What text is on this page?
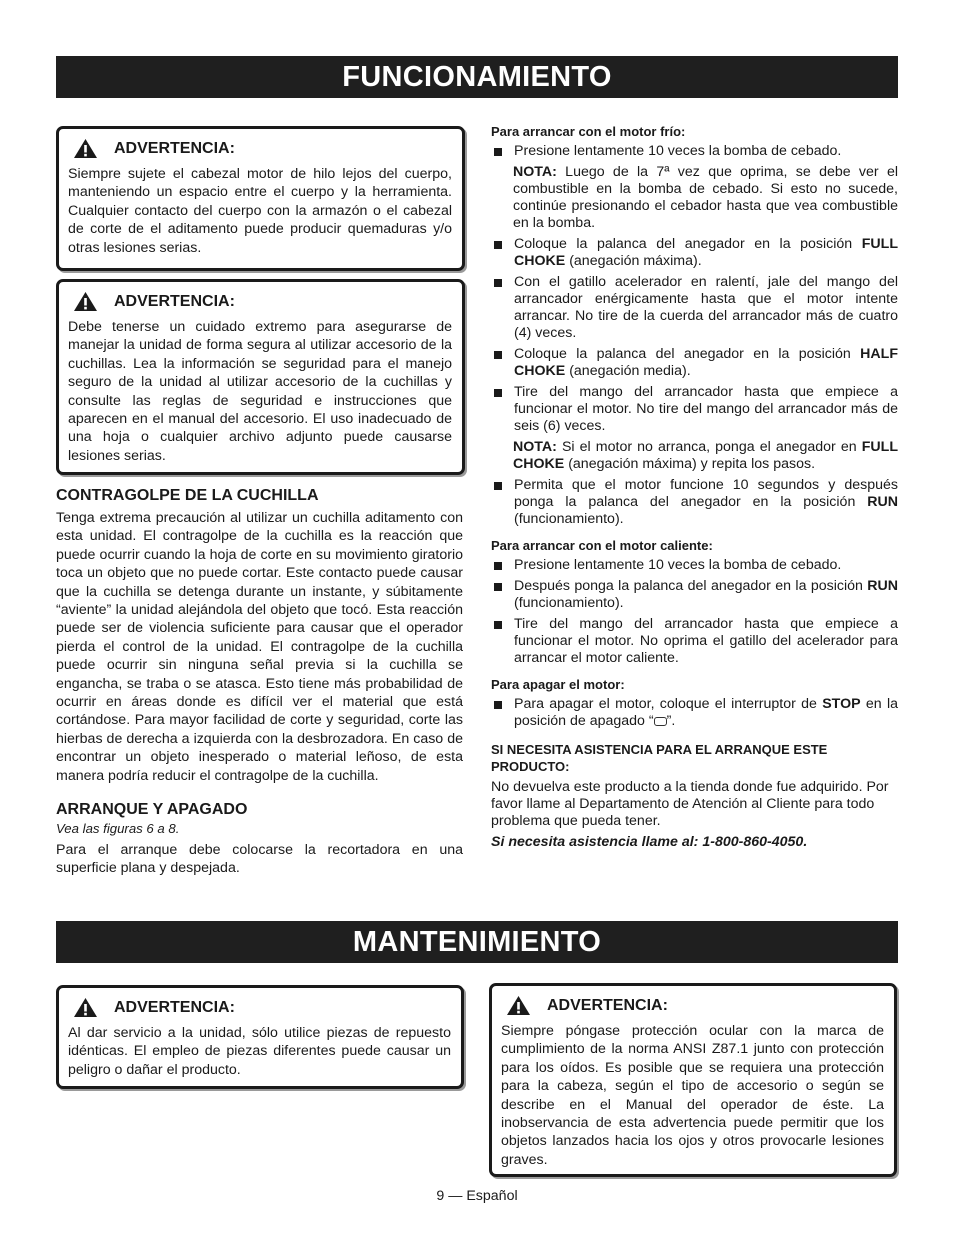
FUNCIONAMIENTO
ADVERTENCIA:

Siempre sujete el cabezal motor de hilo lejos del cuerpo, manteniendo un espacio entre el cuerpo y la herramienta. Cualquier contacto del cuerpo con la armazón o el cabezal de corte de el aditamento puede producir quemaduras y/o otras lesiones serias.

ADVERTENCIA:

Debe tenerse un cuidado extremo para asegurarse de manejar la unidad de forma segura al utilizar accesorio de la cuchillas. Lea la información se seguridad para el manejo seguro de la unidad al utilizar accesorio de la cuchillas y consulte las reglas de seguridad e instrucciones que aparecen en el manual del accesorio. El uso inadecuado de una hoja o cualquier archivo adjunto puede causarse lesiones serias.

CONTRAGOLPE DE LA CUCHILLA

Tenga extrema precaución al utilizar un cuchilla aditamento con esta unidad. El contragolpe de la cuchilla es la reacción que puede ocurrir cuando la hoja de corte en su movimiento giratorio toca un objeto que no puede cortar. Este contacto puede causar que la cuchilla se detenga durante un instante, y súbitamente “aviente” la unidad alejándola del objeto que tocó. Esta reacción puede ser de violencia suficiente para causar que el operador pierda el control de la unidad. El contragolpe de la cuchilla puede ocurrir sin ninguna señal previa si la cuchilla se engancha, se traba o se atasca. Esto tiene más probabilidad de ocurrir en áreas donde es difícil ver el material que está cortándose. Para mayor facilidad de corte y seguridad, corte las hierbas de derecha a izquierda con la desbrozadora. En caso de encontrar un objeto inesperado o material leñoso, de esta manera podría reducir el contragolpe de la cuchilla.

ARRANQUE Y APAGADO

Vea las figuras 6 a 8.

Para el arranque debe colocarse la recortadora en una superficie plana y despejada.

Para arrancar con el motor frío:
Presione lentamente 10 veces la bomba de cebado.

NOTA: Luego de la 7ª vez que oprima, se debe ver el combustible en la bomba de cebado. Si esto no sucede, continúe presionando el cebador hasta que vea combustible en la bomba.

Coloque la palanca del anegador en la posición FULL CHOKE (anegación máxima).
Con el gatillo acelerador en ralentí, jale del mango del arrancador enérgicamente hasta que el motor intente arrancar. No tire de la cuerda del arrancador más de cuatro (4) veces.
Coloque la palanca del anegador en la posición HALF CHOKE (anegación media).
Tire del mango del arrancador hasta que empiece a funcionar el motor. No tire del mango del arrancador más de seis (6) veces.

NOTA: Si el motor no arranca, ponga el anegador en FULL CHOKE (anegación máxima) y repita los pasos.

Permita que el motor funcione 10 segundos y después ponga la palanca del anegador en la posición RUN (funcionamiento).
Para arrancar con el motor caliente:
Presione lentamente 10 veces la bomba de cebado.
Después ponga la palanca del anegador en la posición RUN (funcionamiento).
Tire del mango del arrancador hasta que empiece a funcionar el motor. No oprima el gatillo del acelerador para arrancar el motor caliente.
Para apagar el motor:
Para apagar el motor, coloque el interruptor de STOP en la posición de apagado “ ”.
SI NECESITA ASISTENCIA PARA EL ARRANQUE ESTE PRODUCTO:

No devuelva este producto a la tienda donde fue adquirido. Por favor llame al Departamento de Atención al Cliente para todo problema que pueda tener.

Si necesita asistencia llame al: 1-800-860-4050.

MANTENIMIENTO
ADVERTENCIA:

Al dar servicio a la unidad, sólo utilice piezas de repuesto idénticas. El empleo de piezas diferentes puede causar un peligro o dañar el producto.

ADVERTENCIA:

Siempre póngase protección ocular con la marca de cumplimiento de la norma ANSI Z87.1 junto con protección para los oídos. Es posible que se requiera una protección para la cabeza, según el tipo de accesorio o según se describe en el Manual del operador de éste. La inobservancia de esta advertencia puede permitir que los objetos lanzados hacia los ojos y otros provocarle lesiones graves.

9 — Español
